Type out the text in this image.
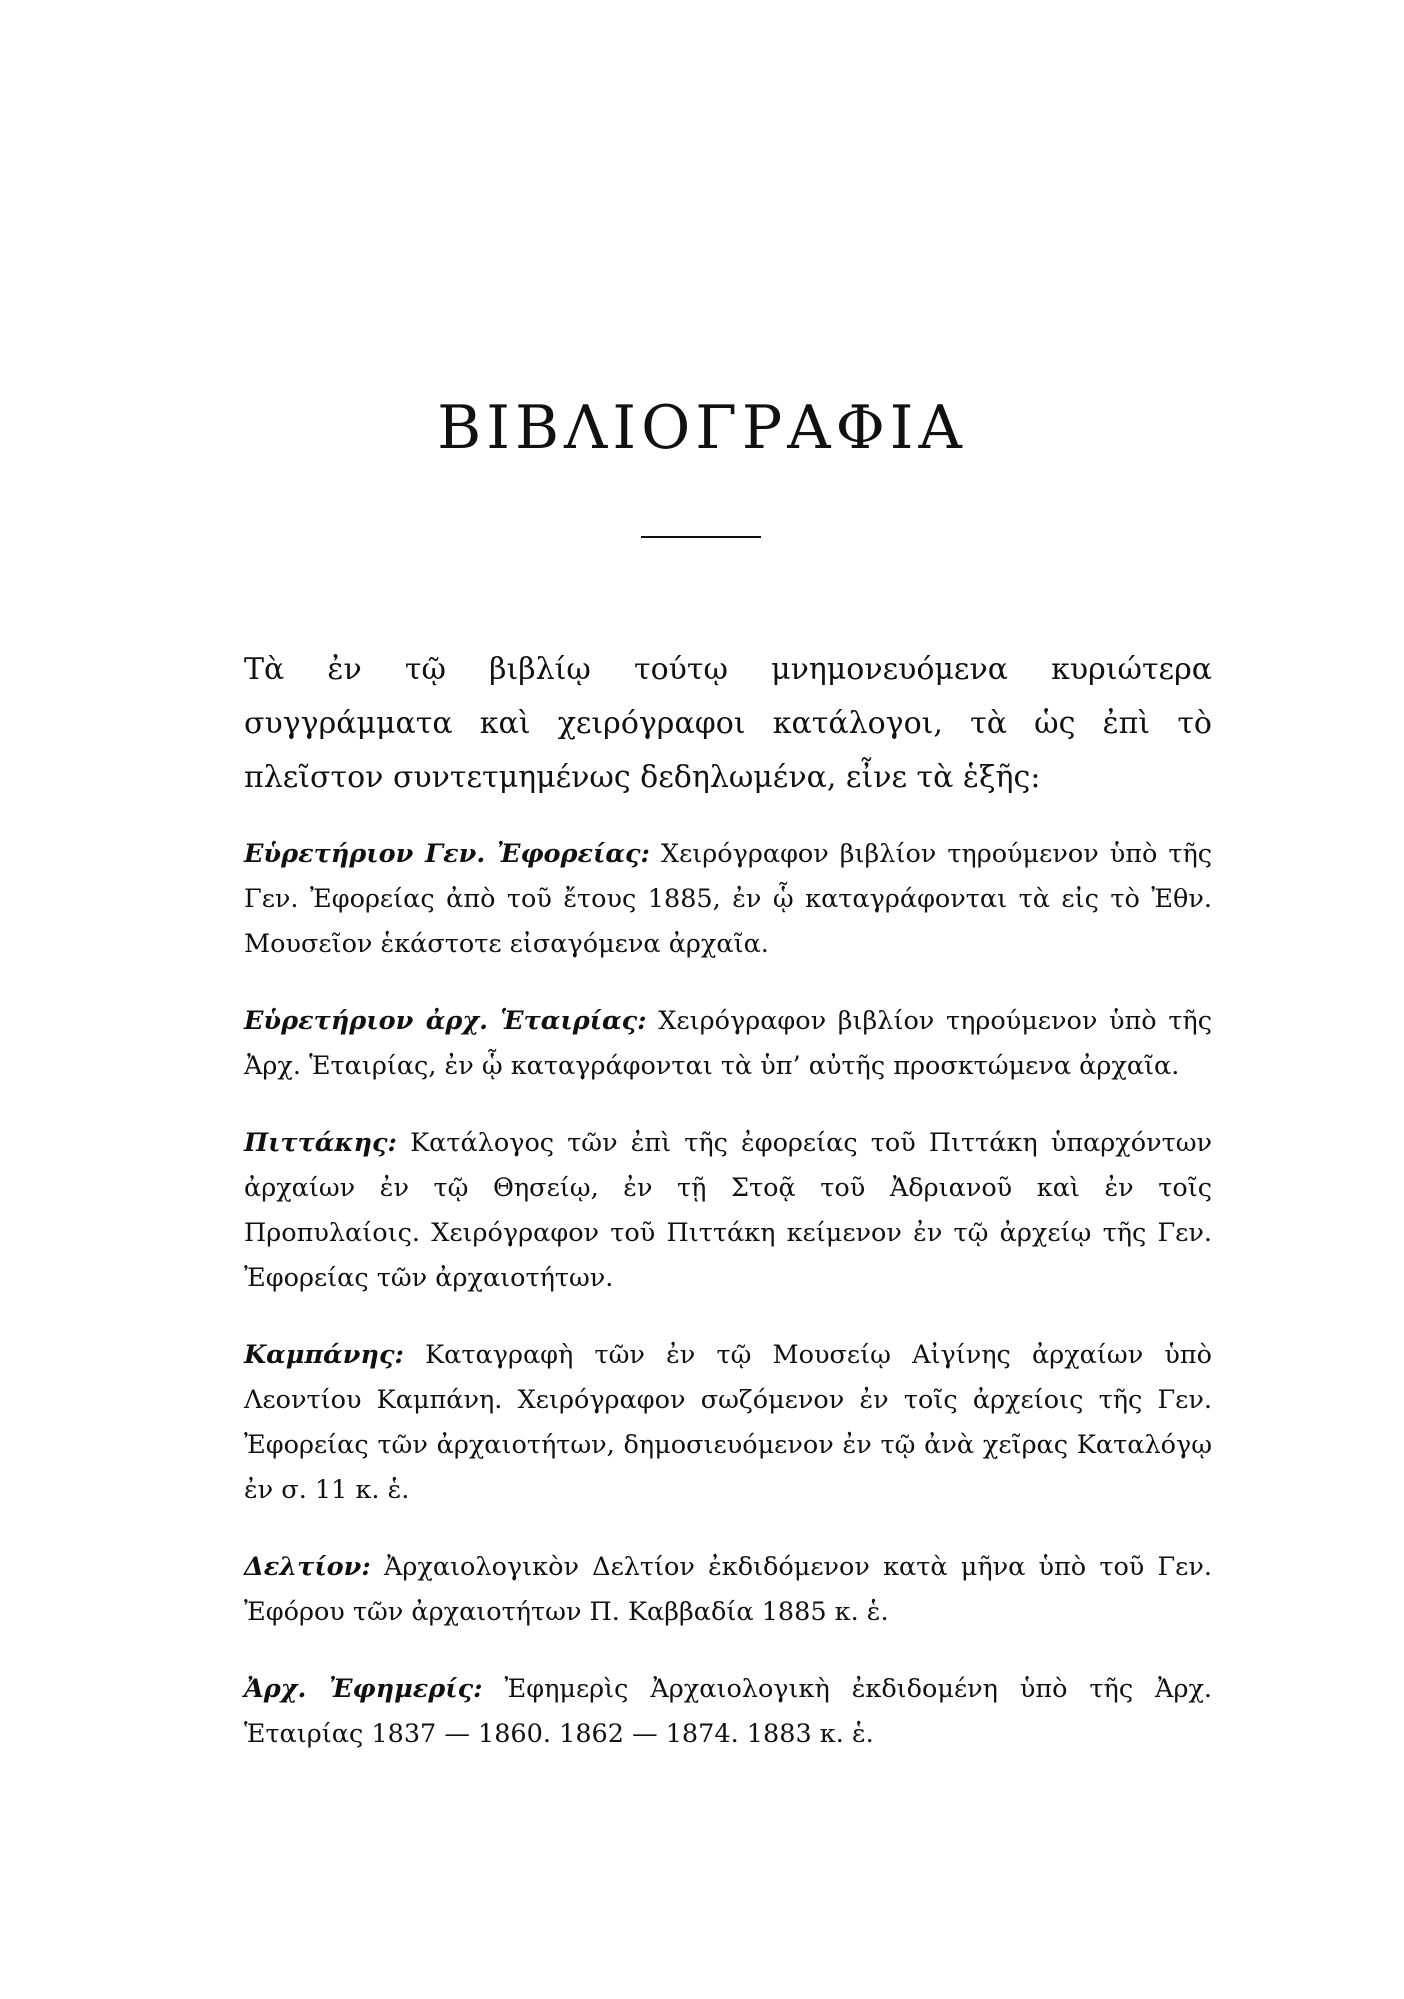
ΒΙΒΛΙΟΓΡΑΦΙΑ

Τὰ ἐν τῷ βιβλίῳ τούτῳ μνημονευόμενα κυριώτερα συγγράμματα καὶ χειρόγραφοι κατάλογοι, τὰ ὡς ἐπὶ τὸ πλεῖστον συντετμημένως δεδηλωμένα, εἶνε τὰ ἑξῆς:

Εὑρετήριον Γεν. Ἐφορείας: Χειρόγραφον βιβλίον τηρούμενον ὑπὸ τῆς Γεν. Ἐφορείας ἀπὸ τοῦ ἔτους 1885, ἐν ᾧ καταγράφονται τὰ εἰς τὸ Ἐθν. Μουσεῖον ἑκάστοτε εἰσαγόμενα ἀρχαῖα.
Εὑρετήριον ἀρχ. Ἑταιρίας: Χειρόγραφον βιβλίον τηρούμενον ὑπὸ τῆς Ἀρχ. Ἑταιρίας, ἐν ᾧ καταγράφονται τὰ ὑπ’ αὐτῆς προσκτώμενα ἀρχαῖα.
Πιττάκης: Κατάλογος τῶν ἐπὶ τῆς ἐφορείας τοῦ Πιττάκη ὑπαρχόντων ἀρχαίων ἐν τῷ Θησείῳ, ἐν τῇ Στοᾷ τοῦ Ἀδριανοῦ καὶ ἐν τοῖς Προπυλαίοις. Χειρόγραφον τοῦ Πιττάκη κείμενον ἐν τῷ ἀρχείῳ τῆς Γεν. Ἐφορείας τῶν ἀρχαιοτήτων.
Καμπάνης: Καταγραφὴ τῶν ἐν τῷ Μουσείῳ Αἰγίνης ἀρχαίων ὑπὸ Λεοντίου Καμπάνη. Χειρόγραφον σωζόμενον ἐν τοῖς ἀρχείοις τῆς Γεν. Ἐφορείας τῶν ἀρχαιοτήτων, δημοσιευόμενον ἐν τῷ ἀνὰ χεῖρας Καταλόγῳ ἐν σ. 11 κ. ἑ.
Δελτίον: Ἀρχαιολογικὸν Δελτίον ἐκδιδόμενον κατὰ μῆνα ὑπὸ τοῦ Γεν. Ἐφόρου τῶν ἀρχαιοτήτων Π. Καββαδία 1885 κ. ἑ.
Ἀρχ. Ἐφημερίς: Ἐφημερὶς Ἀρχαιολογικὴ ἐκδιδομένη ὑπὸ τῆς Ἀρχ. Ἑταιρίας 1837 — 1860. 1862 — 1874. 1883 κ. ἑ.
